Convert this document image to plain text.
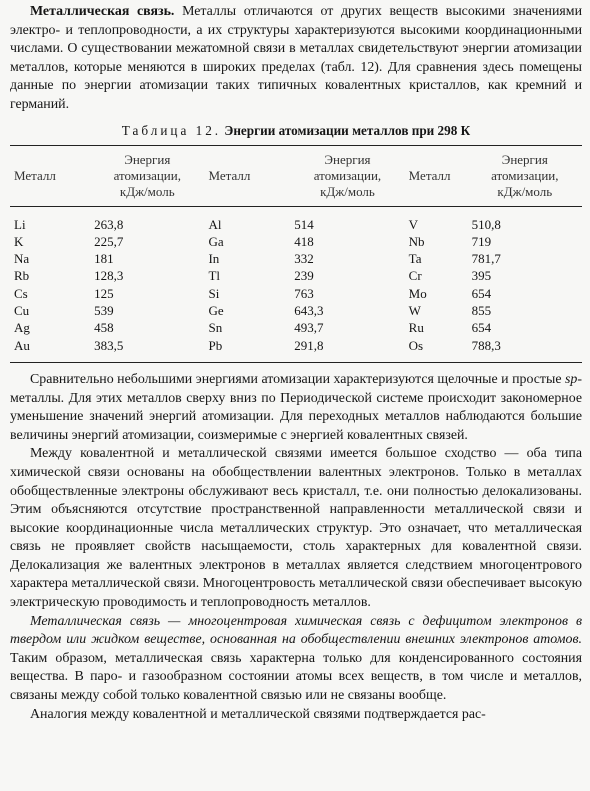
Металлическая связь. Металлы отличаются от других веществ высокими значениями электро- и теплопроводности, а их структуры характеризуются высокими координационными числами. О существовании межатомной связи в металлах свидетельствуют энергии атомизации металлов, которые меняются в широких пределах (табл. 12). Для сравнения здесь помещены данные по энергии атомизации таких типичных ковалентных кристаллов, как кремний и германий.

Таблица 12. Энергии атомизации металлов при 298 К
Металл	Энергия
атомизации,
кДж/моль	Металл	Энергия
атомизации,
кДж/моль	Металл	Энергия
атомизации,
кДж/моль
Li	263,8	Al	514	V	510,8
K	225,7	Ga	418	Nb	719
Na	181	In	332	Ta	781,7
Rb	128,3	Tl	239	Cr	395
Cs	125	Si	763	Mo	654
Cu	539	Ge	643,3	W	855
Ag	458	Sn	493,7	Ru	654
Au	383,5	Pb	291,8	Os	788,3

Сравнительно небольшими энергиями атомизации характеризуются щелочные и простые sp-металлы. Для этих металлов сверху вниз по Периодической системе происходит закономерное уменьшение значений энергий атомизации. Для переходных металлов наблюдаются большие величины энергий атомизации, соизмеримые с энергией ковалентных связей.

Между ковалентной и металлической связями имеется большое сходство — оба типа химической связи основаны на обобществлении валентных электронов. Только в металлах обобществленные электроны обслуживают весь кристалл, т.е. они полностью делокализованы. Этим объясняются отсутствие пространственной направленности металлической связи и высокие координационные числа металлических структур. Это означает, что металлическая связь не проявляет свойств насыщаемости, столь характерных для ковалентной связи. Делокализация же валентных электронов в металлах является следствием многоцентрового характера металлической связи. Многоцентровость металлической связи обеспечивает высокую электрическую проводимость и теплопроводность металлов.

Металлическая связь — многоцентровая химическая связь с дефицитом электронов в твердом или жидком веществе, основанная на обобществлении внешних электронов атомов. Таким образом, металлическая связь характерна только для конденсированного состояния вещества. В паро- и газообразном состоянии атомы всех веществ, в том числе и металлов, связаны между собой только ковалентной связью или не связаны вообще.

Аналогия между ковалентной и металлической связями подтверждается рас-
